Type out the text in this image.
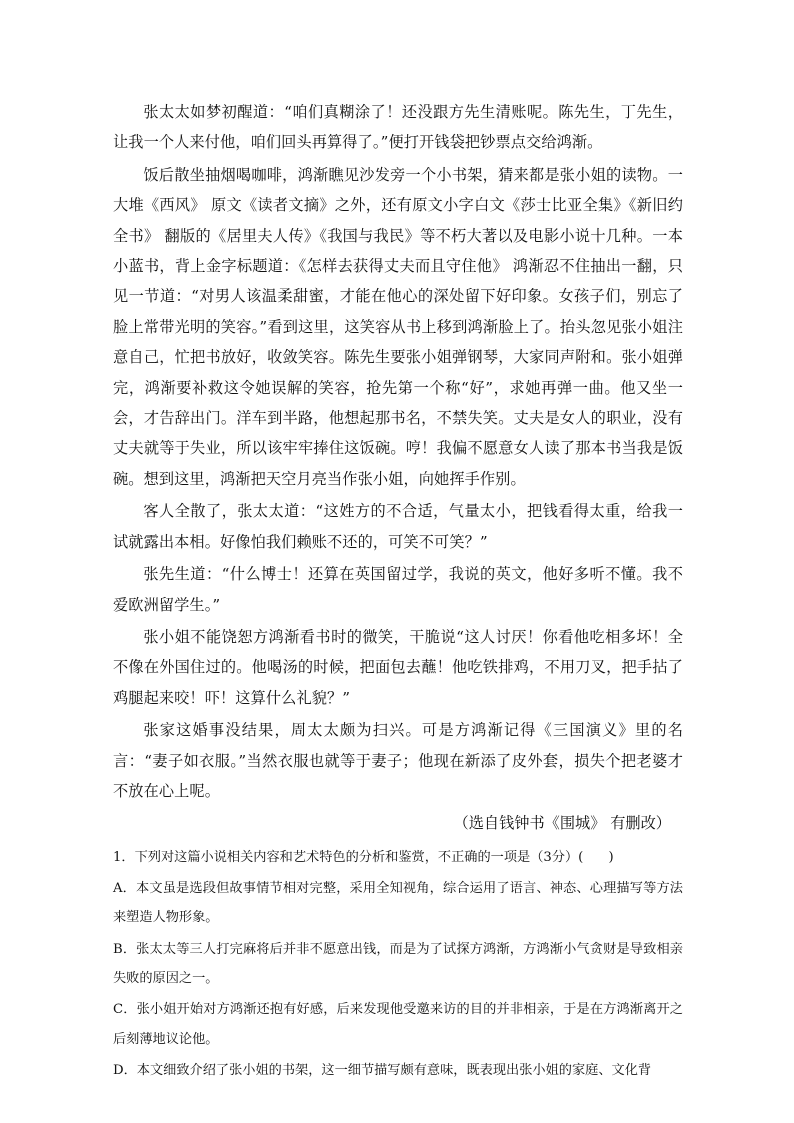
张太太如梦初醒道：“咱们真糊涂了！还没跟方先生清账呢。陈先生，丁先生，让我一个人来付他，咱们回头再算得了。”便打开钱袋把钞票点交给鸿渐。

饭后散坐抽烟喝咖啡，鸿渐瞧见沙发旁一个小书架，猜来都是张小姐的读物。一大堆《西风》 原文《读者文摘》之外，还有原文小字白文《莎士比亚全集》《新旧约全书》 翻版的《居里夫人传》《我国与我民》等不朽大著以及电影小说十几种。一本小蓝书，背上金字标题道：《怎样去获得丈夫而且守住他》 鸿渐忍不住抽出一翻，只见一节道：“对男人该温柔甜蜜，才能在他心的深处留下好印象。女孩子们，别忘了脸上常带光明的笑容。”看到这里，这笑容从书上移到鸿渐脸上了。抬头忽见张小姐注意自己，忙把书放好，收敛笑容。陈先生要张小姐弹钢琴，大家同声附和。张小姐弹完，鸿渐要补救这令她误解的笑容，抢先第一个称“好”，求她再弹一曲。他又坐一会，才告辞出门。洋车到半路，他想起那书名，不禁失笑。丈夫是女人的职业，没有丈夫就等于失业，所以该牢牢捧住这饭碗。哼！我偏不愿意女人读了那本书当我是饭碗。想到这里，鸿渐把天空月亮当作张小姐，向她挥手作别。

客人全散了，张太太道：“这姓方的不合适，气量太小，把钱看得太重，给我一试就露出本相。好像怕我们赖账不还的，可笑不可笑？”

张先生道：“什么博士！还算在英国留过学，我说的英文，他好多听不懂。我不爱欧洲留学生。”

张小姐不能饶恕方鸿渐看书时的微笑，干脆说“这人讨厌！你看他吃相多坏！全不像在外国住过的。他喝汤的时候，把面包去蘸！他吃铁排鸡，不用刀叉，把手拈了鸡腿起来咬！吓！这算什么礼貌？”

张家这婚事没结果，周太太颇为扫兴。可是方鸿渐记得《三国演义》里的名言：“妻子如衣服。”当然衣服也就等于妻子；他现在新添了皮外套，损失个把老婆才不放在心上呢。

（选自钱钟书《围城》 有删改）

1．下列对这篇小说相关内容和艺术特色的分析和鉴赏，不正确的一项是（3分）(      )

A．本文虽是选段但故事情节相对完整，采用全知视角，综合运用了语言、神态、心理描写等方法来塑造人物形象。

B．张太太等三人打完麻将后并非不愿意出钱，而是为了试探方鸿渐，方鸿渐小气贪财是导致相亲失败的原因之一。

C．张小姐开始对方鸿渐还抱有好感，后来发现他受邀来访的目的并非相亲，于是在方鸿渐离开之后刻薄地议论他。

D．本文细致介绍了张小姐的书架，这一细节描写颇有意味，既表现出张小姐的家庭、文化背
